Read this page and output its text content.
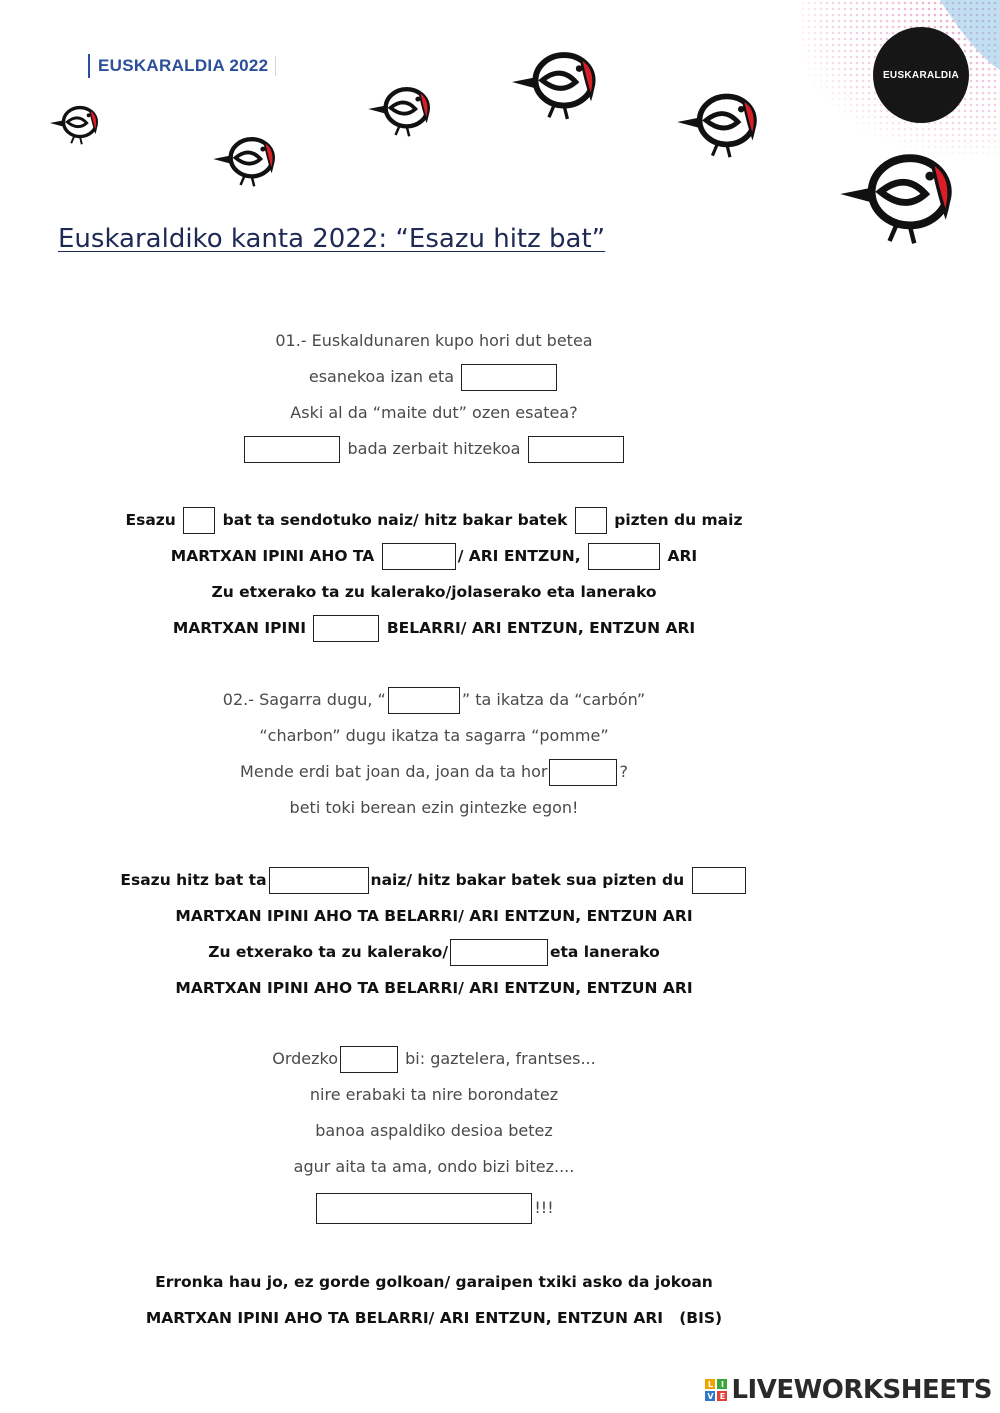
EUSKARALDIA 2022	EUSKARALDIA
Euskaraldiko kanta 2022: “Esazu hitz bat”
01.- Euskaldunaren kupo hori dut betea
esanekoa izan eta
Aski al da “maite dut” ozen esatea?
bada zerbait hitzekoa
Esazu	bat ta sendotuko naiz/ hitz bakar batek	pizten du maiz
MARTXAN IPINI AHO TA	/ ARI ENTZUN,	ARI
Zu etxerako ta zu kalerako/jolaserako eta lanerako
MARTXAN IPINI	BELARRI/ ARI ENTZUN, ENTZUN ARI
02.- Sagarra dugu, “	” ta ikatza da “carbón”
“charbon” dugu ikatza ta sagarra “pomme”
Mende erdi bat joan da, joan da ta hor	?
beti toki berean ezin gintezke egon!
Esazu hitz bat ta	naiz/ hitz bakar batek sua pizten du
MARTXAN IPINI AHO TA BELARRI/ ARI ENTZUN, ENTZUN ARI
Zu etxerako ta zu kalerako/	eta lanerako
MARTXAN IPINI AHO TA BELARRI/ ARI ENTZUN, ENTZUN ARI
Ordezko	bi: gaztelera, frantses...
nire erabaki ta nire borondatez
banoa aspaldiko desioa betez
agur aita ta ama, ondo bizi bitez....
!!!
Erronka hau jo, ez gorde golkoan/ garaipen txiki asko da jokoan
MARTXAN IPINI AHO TA BELARRI/ ARI ENTZUN, ENTZUN ARI   (BIS)
L I
V E LIVEWORKSHEETS
